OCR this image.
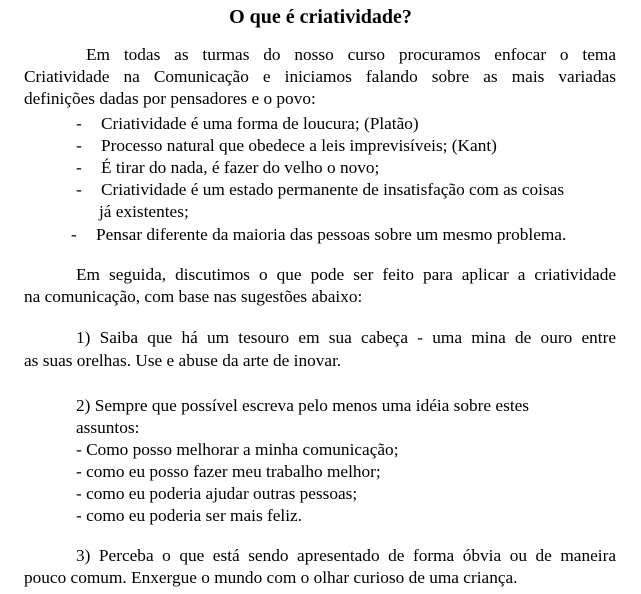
O que é criatividade?
Em todas as turmas do nosso curso procuramos enfocar o tema
Criatividade na Comunicação e iniciamos falando sobre as mais variadas
definições dadas por pensadores e o povo:
- Criatividade é uma forma de loucura; (Platão)
- Processo natural que obedece a leis imprevisíveis; (Kant)
- É tirar do nada, é fazer do velho o novo;
- Criatividade é um estado permanente de insatisfação com as coisas
já existentes;
- Pensar diferente da maioria das pessoas sobre um mesmo problema.
Em seguida, discutimos o que pode ser feito para aplicar a criatividade
na comunicação, com base nas sugestões abaixo:
1) Saiba que há um tesouro em sua cabeça - uma mina de ouro entre
as suas orelhas. Use e abuse da arte de inovar.
2) Sempre que possível escreva pelo menos uma idéia sobre estes
assuntos:
- Como posso melhorar a minha comunicação;
- como eu posso fazer meu trabalho melhor;
- como eu poderia ajudar outras pessoas;
- como eu poderia ser mais feliz.
3) Perceba o que está sendo apresentado de forma óbvia ou de maneira
pouco comum. Enxergue o mundo com o olhar curioso de uma criança.
